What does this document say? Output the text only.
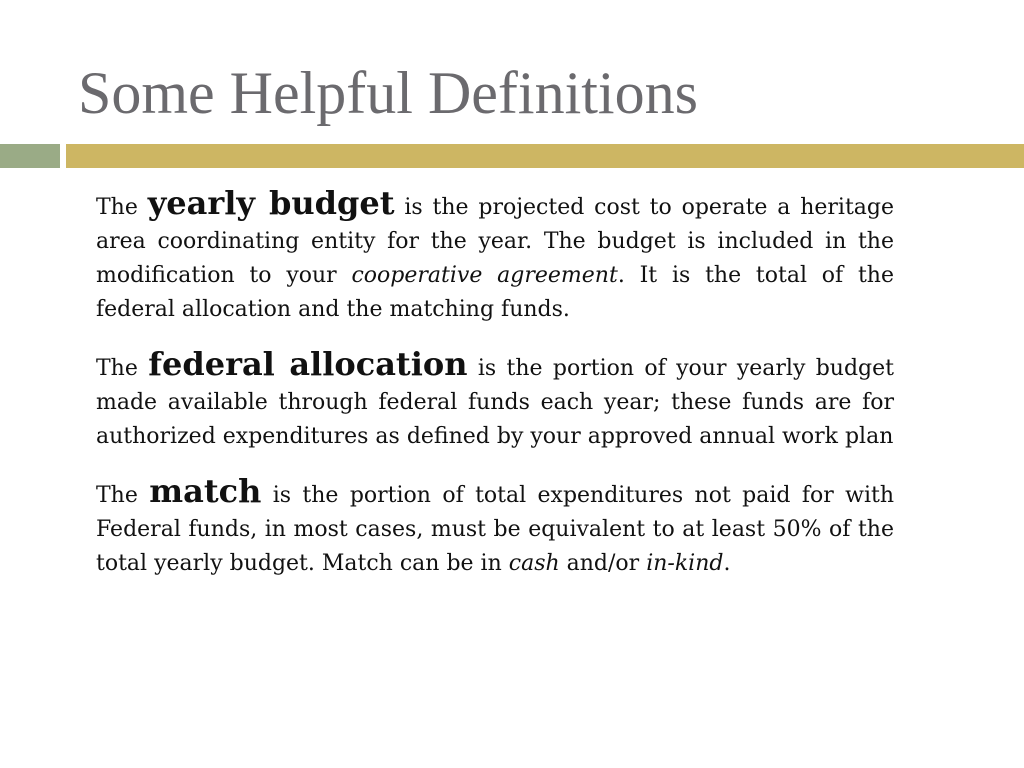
Some Helpful Definitions

The yearly budget is the projected cost to operate a heritage area coordinating entity for the year. The budget is included in the modification to your cooperative agreement. It is the total of the federal allocation and the matching funds.

The federal allocation is the portion of your yearly budget made available through federal funds each year; these funds are for authorized expenditures as defined by your approved annual work plan

The match is the portion of total expenditures not paid for with Federal funds, in most cases, must be equivalent to at least 50% of the total yearly budget. Match can be in cash and/or in-kind.
